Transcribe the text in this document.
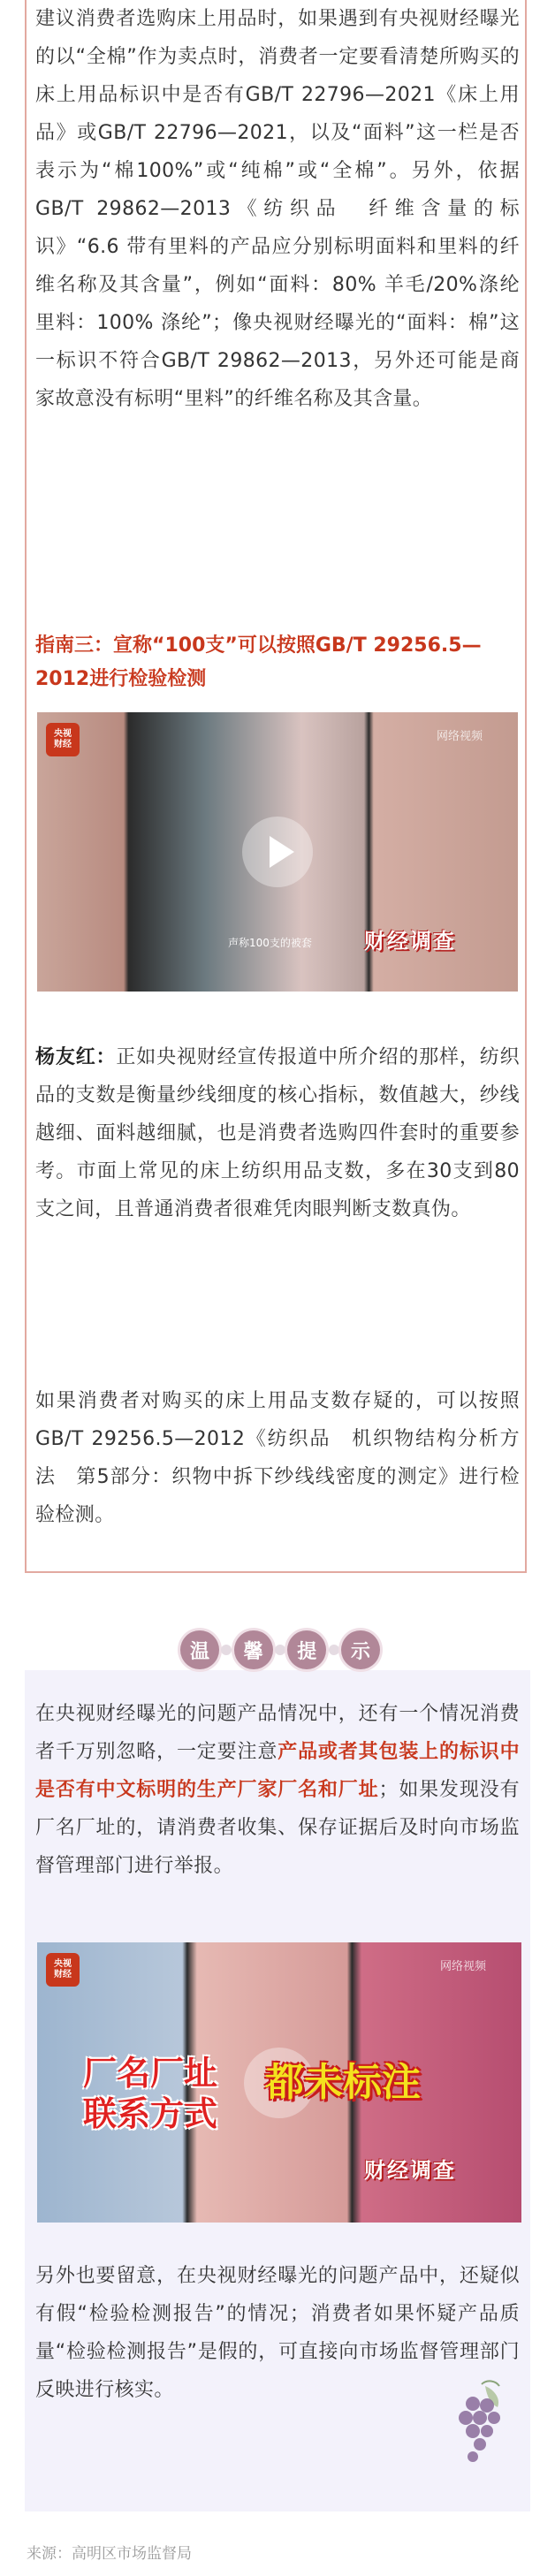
建议消费者选购床上用品时，如果遇到有央视财经曝光的以“全棉”作为卖点时，消费者一定要看清楚所购买的床上用品标识中是否有GB/T 22796—2021《床上用品》或GB/T 22796—2021，以及“面料”这一栏是否表示为“棉100%”或“纯棉”或“全棉”。另外，依据GB/T 29862—2013《纺织品　纤维含量的标识》“6.6 带有里料的产品应分别标明面料和里料的纤维名称及其含量”，例如“面料：80% 羊毛/20%涤纶　里料：100% 涤纶”；像央视财经曝光的“面料：棉”这一标识不符合GB/T 29862—2013，另外还可能是商家故意没有标明“里料”的纤维名称及其含量。

指南三：宣称“100支”可以按照GB/T 29256.5—2012进行检验检测

央视
财经
网络视频
声称100支的被套 财经调查

杨友红：正如央视财经宣传报道中所介绍的那样，纺织品的支数是衡量纱线细度的核心指标，数值越大，纱线越细、面料越细腻，也是消费者选购四件套时的重要参考。市面上常见的床上纺织用品支数，多在30支到80支之间，且普通消费者很难凭肉眼判断支数真伪。

如果消费者对购买的床上用品支数存疑的，可以按照GB/T 29256.5—2012《纺织品　机织物结构分析方法　第5部分：织物中拆下纱线线密度的测定》进行检验检测。

温	馨	提	示

在央视财经曝光的问题产品情况中，还有一个情况消费者千万别忽略，一定要注意产品或者其包装上的标识中是否有中文标明的生产厂家厂名和厂址；如果发现没有厂名厂址的，请消费者收集、保存证据后及时向市场监督管理部门进行举报。

央视
财经
网络视频
厂名厂址
联系方式
都未标注
财经调查

另外也要留意，在央视财经曝光的问题产品中，还疑似有假“检验检测报告”的情况；消费者如果怀疑产品质量“检验检测报告”是假的，可直接向市场监督管理部门反映进行核实。

来源：高明区市场监督局
